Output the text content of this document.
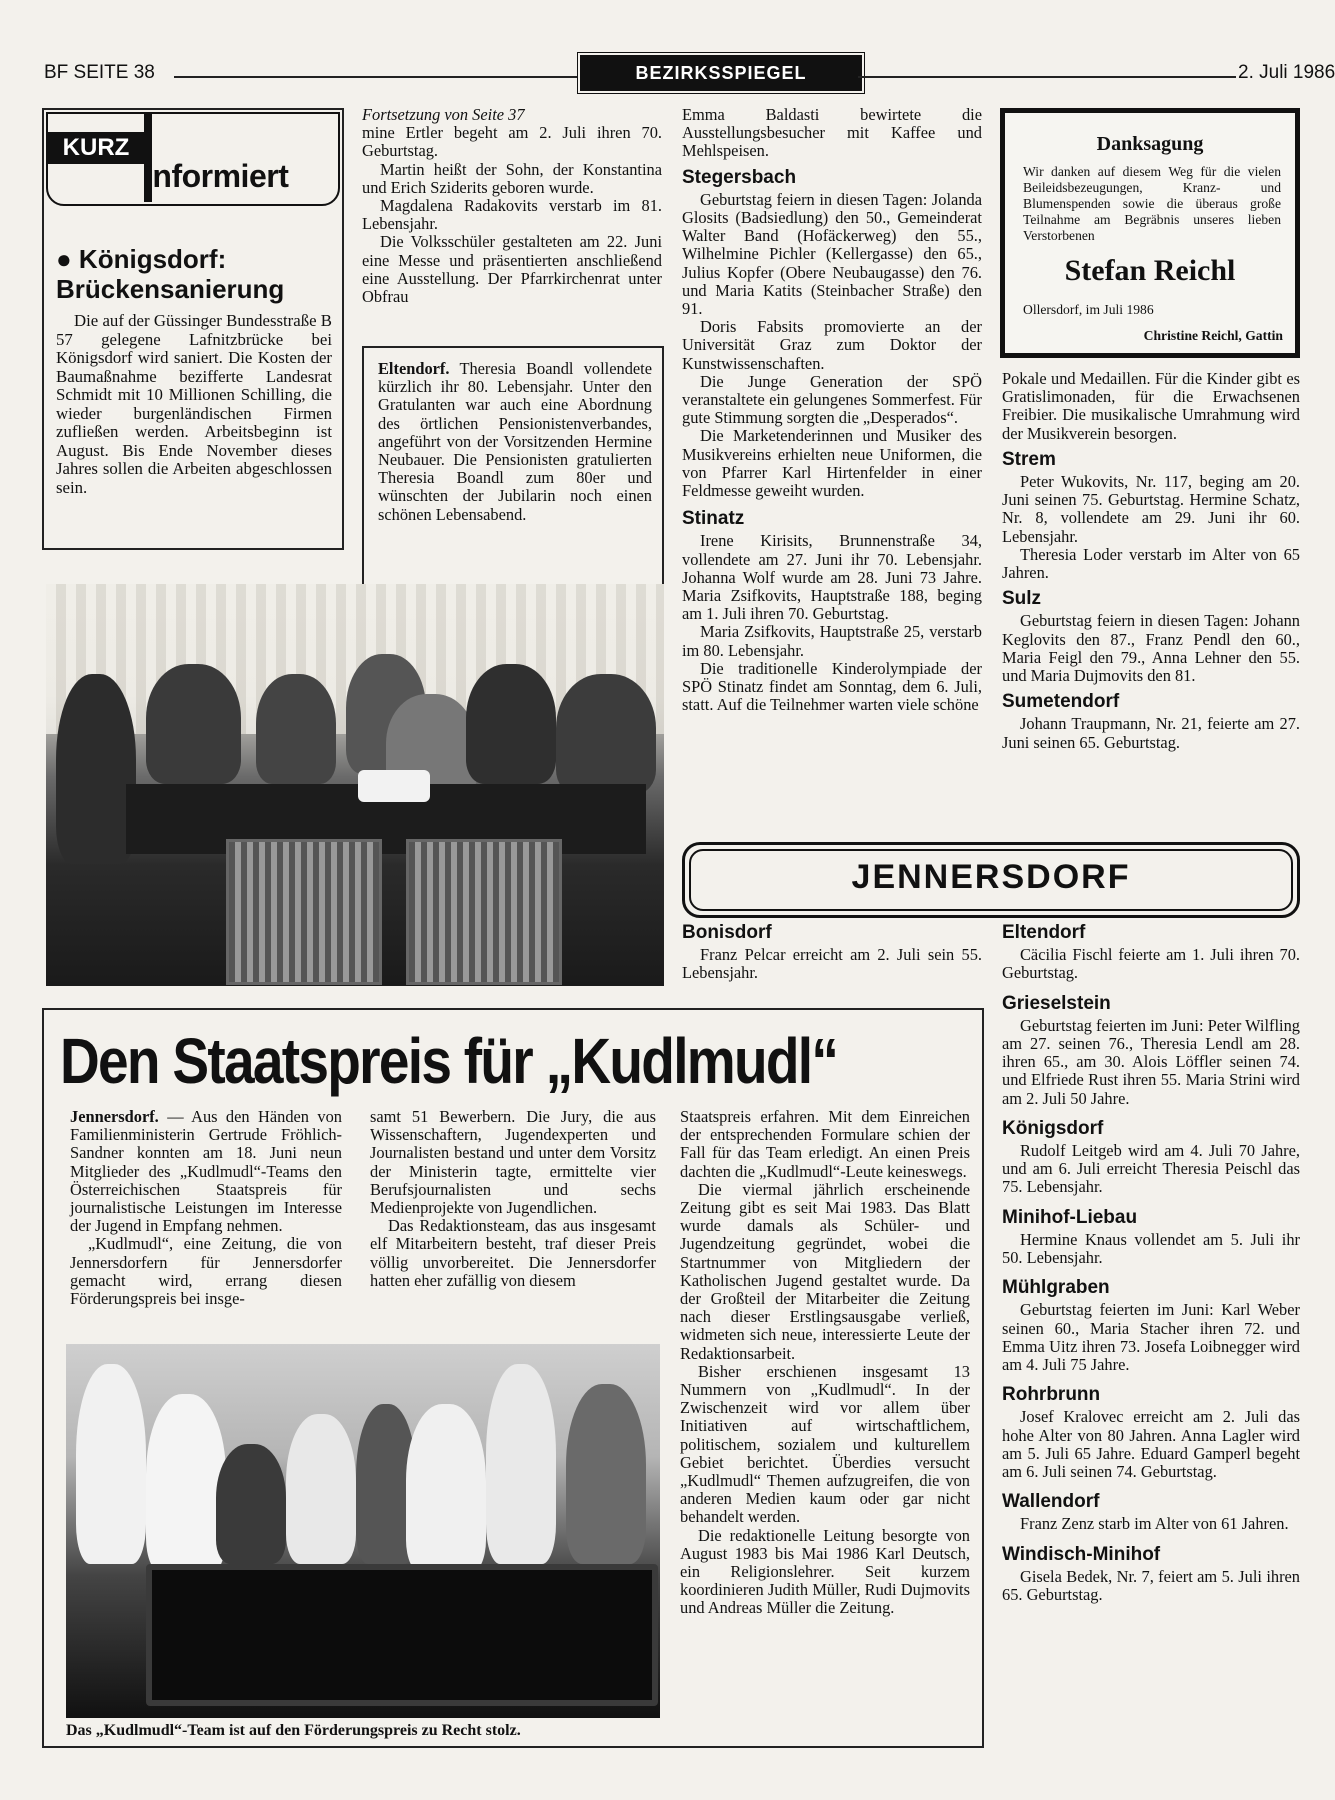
BF SEITE 38	BEZIRKSSPIEGEL	2. Juli 1986
KURZ
informiert
● Königsdorf: Brückensanierung

Die auf der Güssinger Bundesstraße B 57 gelegene Lafnitzbrücke bei Königsdorf wird saniert. Die Kosten der Baumaßnahme bezifferte Landesrat Schmidt mit 10 Millionen Schilling, die wieder burgenländischen Firmen zufließen werden. Arbeitsbeginn ist August. Bis Ende November dieses Jahres sollen die Arbeiten abgeschlossen sein.

Fortsetzung von Seite 37

mine Ertler begeht am 2. Juli ihren 70. Geburtstag.

Martin heißt der Sohn, der Konstantina und Erich Sziderits geboren wurde.

Magdalena Radakovits verstarb im 81. Lebensjahr.

Die Volksschüler gestalteten am 22. Juni eine Messe und präsentierten anschließend eine Ausstellung. Der Pfarrkirchenrat unter Obfrau

Eltendorf. Theresia Boandl vollendete kürzlich ihr 80. Lebensjahr. Unter den Gratulanten war auch eine Abordnung des örtlichen Pensionistenverbandes, angeführt von der Vorsitzenden Hermine Neubauer. Die Pensionisten gratulierten Theresia Boandl zum 80er und wünschten der Jubilarin noch einen schönen Lebensabend.

Emma Baldasti bewirtete die Ausstellungsbesucher mit Kaffee und Mehlspeisen.

Stegersbach

Geburtstag feiern in diesen Tagen: Jolanda Glosits (Badsiedlung) den 50., Gemeinderat Walter Band (Hofäckerweg) den 55., Wilhelmine Pichler (Kellergasse) den 65., Julius Kopfer (Obere Neubaugasse) den 76. und Maria Katits (Steinbacher Straße) den 91.

Doris Fabsits promovierte an der Universität Graz zum Doktor der Kunstwissenschaften.

Die Junge Generation der SPÖ veranstaltete ein gelungenes Sommerfest. Für gute Stimmung sorgten die „Desperados“.

Die Marketenderinnen und Musiker des Musikvereins erhielten neue Uniformen, die von Pfarrer Karl Hirtenfelder in einer Feldmesse geweiht wurden.

Stinatz

Irene Kirisits, Brunnenstraße 34, vollendete am 27. Juni ihr 70. Lebensjahr. Johanna Wolf wurde am 28. Juni 73 Jahre. Maria Zsifkovits, Hauptstraße 188, beging am 1. Juli ihren 70. Geburtstag.

Maria Zsifkovits, Hauptstraße 25, verstarb im 80. Lebensjahr.

Die traditionelle Kinderolympiade der SPÖ Stinatz findet am Sonntag, dem 6. Juli, statt. Auf die Teilnehmer warten viele schöne

Danksagung
Wir danken auf diesem Weg für die vielen Beileidsbezeugungen, Kranz- und Blumenspenden sowie die überaus große Teilnahme am Begräbnis unseres lieben Verstorbenen
Stefan Reichl
Ollersdorf, im Juli 1986
Christine Reichl, Gattin

Pokale und Medaillen. Für die Kinder gibt es Gratislimonaden, für die Erwachsenen Freibier. Die musikalische Umrahmung wird der Musikverein besorgen.

Strem

Peter Wukovits, Nr. 117, beging am 20. Juni seinen 75. Geburtstag. Hermine Schatz, Nr. 8, vollendete am 29. Juni ihr 60. Lebensjahr.

Theresia Loder verstarb im Alter von 65 Jahren.

Sulz

Geburtstag feiern in diesen Tagen: Johann Keglovits den 87., Franz Pendl den 60., Maria Feigl den 79., Anna Lehner den 55. und Maria Dujmovits den 81.

Sumetendorf

Johann Traupmann, Nr. 21, feierte am 27. Juni seinen 65. Geburtstag.

JENNERSDORF
Bonisdorf

Franz Pelcar erreicht am 2. Juli sein 55. Lebensjahr.

Eltendorf

Cäcilia Fischl feierte am 1. Juli ihren 70. Geburtstag.

Grieselstein

Geburtstag feierten im Juni: Peter Wilfling am 27. seinen 76., Theresia Lendl am 28. ihren 65., am 30. Alois Löffler seinen 74. und Elfriede Rust ihren 55. Maria Strini wird am 2. Juli 50 Jahre.

Königsdorf

Rudolf Leitgeb wird am 4. Juli 70 Jahre, und am 6. Juli erreicht Theresia Peischl das 75. Lebensjahr.

Minihof-Liebau

Hermine Knaus vollendet am 5. Juli ihr 50. Lebensjahr.

Mühlgraben

Geburtstag feierten im Juni: Karl Weber seinen 60., Maria Stacher ihren 72. und Emma Uitz ihren 73. Josefa Loibnegger wird am 4. Juli 75 Jahre.

Rohrbrunn

Josef Kralovec erreicht am 2. Juli das hohe Alter von 80 Jahren. Anna Lagler wird am 5. Juli 65 Jahre. Eduard Gamperl begeht am 6. Juli seinen 74. Geburtstag.

Wallendorf

Franz Zenz starb im Alter von 61 Jahren.

Windisch-Minihof

Gisela Bedek, Nr. 7, feiert am 5. Juli ihren 65. Geburtstag.

Den Staatspreis für „Kudlmudl“

Jennersdorf. — Aus den Händen von Familienministerin Gertrude Fröhlich-Sandner konnten am 18. Juni neun Mitglieder des „Kudlmudl“-Teams den Österreichischen Staatspreis für journalistische Leistungen im Interesse der Jugend in Empfang nehmen.

„Kudlmudl“, eine Zeitung, die von Jennersdorfern für Jennersdorfer gemacht wird, errang diesen Förderungspreis bei insge-

samt 51 Bewerbern. Die Jury, die aus Wissenschaftern, Jugendexperten und Journalisten bestand und unter dem Vorsitz der Ministerin tagte, ermittelte vier Berufsjournalisten und sechs Medienprojekte von Jugendlichen.

Das Redaktionsteam, das aus insgesamt elf Mitarbeitern besteht, traf dieser Preis völlig unvorbereitet. Die Jennersdorfer hatten eher zufällig von diesem

Staatspreis erfahren. Mit dem Einreichen der entsprechenden Formulare schien der Fall für das Team erledigt. An einen Preis dachten die „Kudlmudl“-Leute keineswegs.

Die viermal jährlich erscheinende Zeitung gibt es seit Mai 1983. Das Blatt wurde damals als Schüler- und Jugendzeitung gegründet, wobei die Startnummer von Mitgliedern der Katholischen Jugend gestaltet wurde. Da der Großteil der Mitarbeiter die Zeitung nach dieser Erstlingsausgabe verließ, widmeten sich neue, interessierte Leute der Redaktionsarbeit.

Bisher erschienen insgesamt 13 Nummern von „Kudlmudl“. In der Zwischenzeit wird vor allem über Initiativen auf wirtschaftlichem, politischem, sozialem und kulturellem Gebiet berichtet. Überdies versucht „Kudlmudl“ Themen aufzugreifen, die von anderen Medien kaum oder gar nicht behandelt werden.

Die redaktionelle Leitung besorgte von August 1983 bis Mai 1986 Karl Deutsch, ein Religionslehrer. Seit kurzem koordinieren Judith Müller, Rudi Dujmovits und Andreas Müller die Zeitung.

Das „Kudlmudl“-Team ist auf den Förderungspreis zu Recht stolz.
